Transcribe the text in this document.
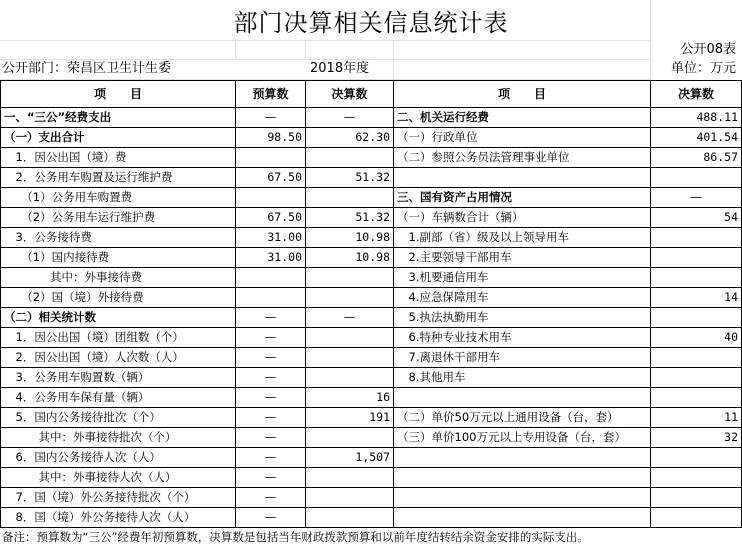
部门决算相关信息统计表
公开08表
公开部门：荣昌区卫生计生委	2018年度	单位：万元
项　　目	预算数	决算数	项　　目	决算数
一、“三公”经费支出	—	—	二、机关运行经费	488.11
（一）支出合计	98.50	62.30	（一）行政单位	401.54
　1．因公出国（境）费			（二）参照公务员法管理事业单位	86.57
　2．公务用车购置及运行维护费	67.50	51.32		
　　（1）公务用车购置费			三、国有资产占用情况	—
　　（2）公务用车运行维护费	67.50	51.32	（一）车辆数合计（辆）	54
　3．公务接待费	31.00	10.98	　1.副部（省）级及以上领导用车	
　　（1）国内接待费	31.00	10.98	　2.主要领导干部用车	
　　　　其中：外事接待费			　3.机要通信用车	
　　（2）国（境）外接待费			　4.应急保障用车	14
（二）相关统计数	—	—	　5.执法执勤用车	
　1．因公出国（境）团组数（个）	—		　6.特种专业技术用车	40
　2．因公出国（境）人次数（人）	—		　7.离退休干部用车	
　3．公务用车购置数（辆）	—		　8.其他用车	
　4．公务用车保有量（辆）	—	16		
　5．国内公务接待批次（个）	—	191	（二）单价50万元以上通用设备（台，套）	11
　　　其中：外事接待批次（个）	—		（三）单价100万元以上专用设备（台，套）	32
　6．国内公务接待人次（人）	—	1,507		
　　　其中：外事接待人次（人）	—			
　7．国（境）外公务接待批次（个）	—			
　8．国（境）外公务接待人次（人）	—			
备注：预算数为“三公”经费年初预算数，决算数是包括当年财政拨款预算和以前年度结转结余资金安排的实际支出。
